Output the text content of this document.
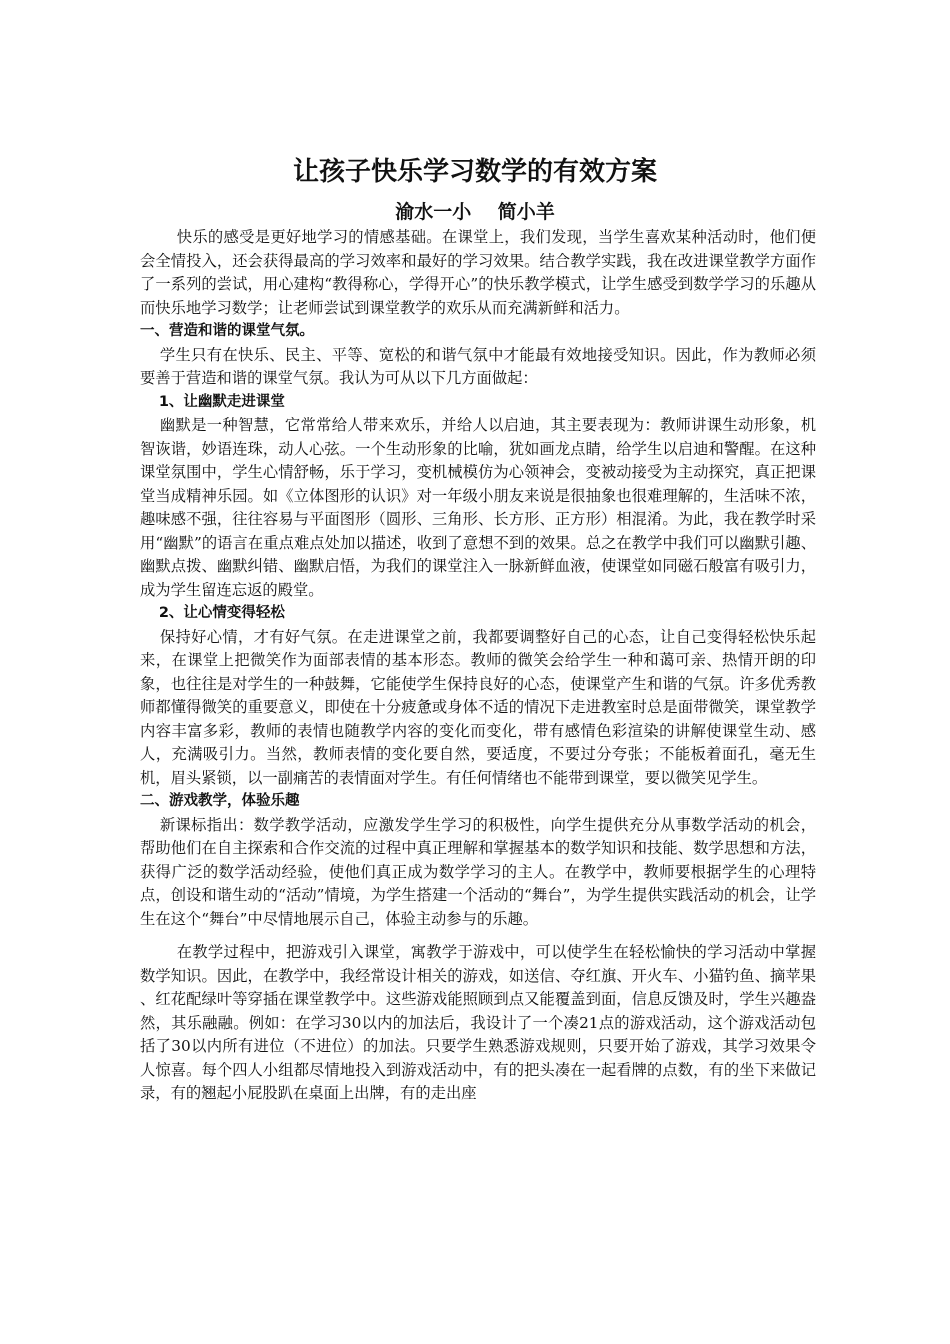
让孩子快乐学习数学的有效方案
渝水一小    简小羊

快乐的感受是更好地学习的情感基础。在课堂上，我们发现，当学生喜欢某种活动时，他们便会全情投入，还会获得最高的学习效率和最好的学习效果。结合教学实践，我在改进课堂教学方面作了一系列的尝试，用心建构“教得称心，学得开心”的快乐教学模式，让学生感受到数学学习的乐趣从而快乐地学习数学；让老师尝试到课堂教学的欢乐从而充满新鲜和活力。

一、营造和谐的课堂气氛。

学生只有在快乐、民主、平等、宽松的和谐气氛中才能最有效地接受知识。因此，作为教师必须要善于营造和谐的课堂气氛。我认为可从以下几方面做起：

1、让幽默走进课堂

幽默是一种智慧，它常常给人带来欢乐，并给人以启迪，其主要表现为：教师讲课生动形象，机智诙谐，妙语连珠，动人心弦。一个生动形象的比喻，犹如画龙点睛，给学生以启迪和警醒。在这种课堂氛围中，学生心情舒畅，乐于学习，变机械模仿为心领神会，变被动接受为主动探究，真正把课堂当成精神乐园。如《立体图形的认识》对一年级小朋友来说是很抽象也很难理解的，生活味不浓，趣味感不强，往往容易与平面图形（圆形、三角形、长方形、正方形）相混淆。为此，我在教学时采用“幽默”的语言在重点难点处加以描述，收到了意想不到的效果。总之在教学中我们可以幽默引趣、幽默点拨、幽默纠错、幽默启悟，为我们的课堂注入一脉新鲜血液，使课堂如同磁石般富有吸引力，成为学生留连忘返的殿堂。

2、让心情变得轻松

保持好心情，才有好气氛。在走进课堂之前，我都要调整好自己的心态，让自己变得轻松快乐起来，在课堂上把微笑作为面部表情的基本形态。教师的微笑会给学生一种和蔼可亲、热情开朗的印象，也往往是对学生的一种鼓舞，它能使学生保持良好的心态，使课堂产生和谐的气氛。许多优秀教师都懂得微笑的重要意义，即使在十分疲惫或身体不适的情况下走进教室时总是面带微笑，课堂教学内容丰富多彩，教师的表情也随教学内容的变化而变化，带有感情色彩渲染的讲解使课堂生动、感人，充满吸引力。当然，教师表情的变化要自然，要适度，不要过分夸张；不能板着面孔，毫无生机，眉头紧锁，以一副痛苦的表情面对学生。有任何情绪也不能带到课堂，要以微笑见学生。

二、游戏教学，体验乐趣

新课标指出：数学教学活动，应激发学生学习的积极性，向学生提供充分从事数学活动的机会，帮助他们在自主探索和合作交流的过程中真正理解和掌握基本的数学知识和技能、数学思想和方法，获得广泛的数学活动经验，使他们真正成为数学学习的主人。在教学中，教师要根据学生的心理特点，创设和谐生动的“活动”情境，为学生搭建一个活动的“舞台”，为学生提供实践活动的机会，让学生在这个“舞台”中尽情地展示自己，体验主动参与的乐趣。

在教学过程中，把游戏引入课堂，寓教学于游戏中，可以使学生在轻松愉快的学习活动中掌握数学知识。因此，在教学中，我经常设计相关的游戏，如送信、夺红旗、开火车、小猫钓鱼、摘苹果 、红花配绿叶等穿插在课堂教学中。这些游戏能照顾到点又能覆盖到面，信息反馈及时，学生兴趣盎然，其乐融融。例如：在学习30以内的加法后，我设计了一个凑21点的游戏活动，这个游戏活动包括了30以内所有进位（不进位）的加法。只要学生熟悉游戏规则，只要开始了游戏，其学习效果令人惊喜。每个四人小组都尽情地投入到游戏活动中，有的把头凑在一起看牌的点数，有的坐下来做记录，有的翘起小屁股趴在桌面上出牌，有的走出座
